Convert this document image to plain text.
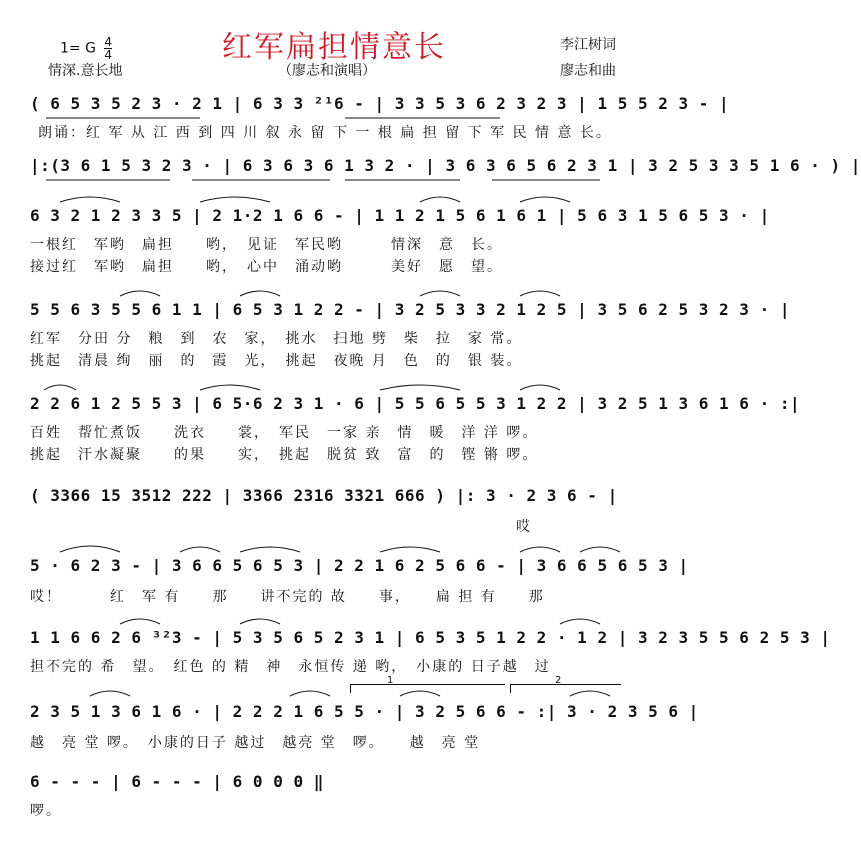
1= G $\frac{4}{4}$	红军扁担情意长	李江树词
情深.意长地	（廖志和演唱）	廖志和曲
( 6 5 3 5 2 3 · 2 1 | 6 3 3 ²¹6 - | 3 3 5 3 6 2 3 2 3 | 1 5 5 2 3 - |
朗诵：红 军 从 江 西 到 四 川 叙 永 留 下 一 根 扁 担 留 下 军 民 情 意 长。
|:(3 6 1 5 3 2 3 · | 6 3 6 3 6 1 3 2 · | 3 6 3 6 5 6 2 3 1 | 3 2 5 3 3 5 1 6 · ) |
6 3 2 1 2 3 3 5 | 2 1·2 1 6 6 - | 1 1 2 1 5 6 1 6 1 | 5 6 3 1 5 6 5 3 · |
一根红　军哟　扁担　　哟，　见证　军民哟　　　情深　意　长。
接过红　军哟　扁担　　哟，　心中　涌动哟　　　美好　愿　望。
5 5 6 3 5 5 6 1 1 | 6 5 3 1 2 2 - | 3 2 5 3 3 2 1 2 5 | 3 5 6 2 5 3 2 3 · |
红军　分田 分　粮　到　农　家，　挑水　扫地 劈　柴　拉　家 常。
挑起　清晨 绚　丽　的　霞　光，　挑起　夜晚 月　色　的　银 装。
2 2 6 1 2 5 5 3 | 6 5·6 2 3 1 · 6 | 5 5 6 5 5 3 1 2 2 | 3 2 5 1 3 6 1 6 · :|
百姓　帮忙煮饭　　洗衣　　裳，　军民　一家 亲　情　暖　洋 洋 啰。
挑起　汗水凝聚　　的果　　实，　挑起　脱贫 致　富　的　铿 锵 啰。
( 3366 15 3512 222 | 3366 2316 3321 666 ) |: 3 · 2 3 6 - |
哎
5 · 6 2 3 - | 3 6 6 5 6 5 3 | 2 2 1 6 2 5 6 6 - | 3 6 6 5 6 5 3 |
哎！　　　红　军 有　　那　　讲不完的 故　　事，　　扁 担 有　　那
1 1 6 6 2 6 ³²3 - | 5 3 5 6 5 2 3 1 | 6 5 3 5 1 2 2 · 1 2 | 3 2 3 5 5 6 2 5 3 |
担不完的 希　望。　红色 的 精　神　永恒传 递 哟，　小康的 日子越　过
1	2
2 3 5 1 3 6 1 6 · | 2 2 2 1 6 5 5 · | 3 2 5 6 6 - :| 3 · 2 3 5 6 |
越　亮 堂 啰。　小康的日子 越过　越亮 堂　啰。　　越　亮 堂
6 - - - | 6 - - - | 6 0 0 0 ‖
啰。
